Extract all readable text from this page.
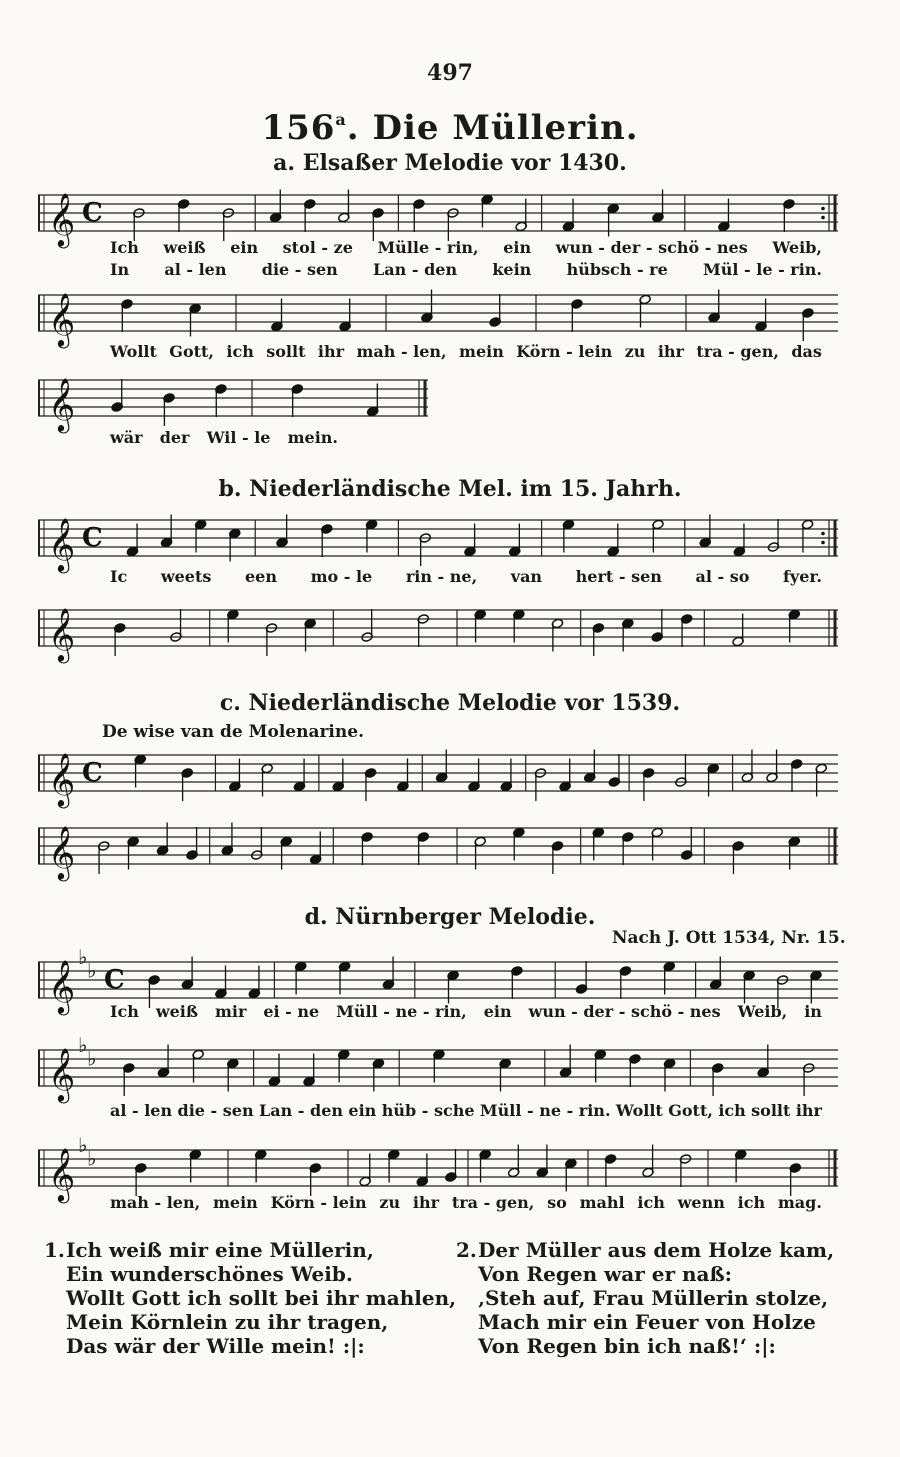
497
156$^a$. Die Müllerin.
a. Elsaßer Melodie vor 1430.
𝄞 C
Ich weiß ein stol - ze Mülle - rin, ein wun - der - schö - nes Weib,
In al - len die - sen Lan - den kein hübsch - re Mül - le - rin.
𝄞
Wollt Gott, ich sollt ihr mah - len, mein Körn - lein zu ihr tra - gen, das
𝄞
wär der Wil - le mein.
b. Niederländische Mel. im 15. Jahrh.
𝄞 C
Ic weets een mo - le rin - ne, van hert - sen al - so fyer.
𝄞
c. Niederländische Melodie vor 1539.
De wise van de Molenarine.
𝄞 C
𝄞
d. Nürnberger Melodie.
Nach J. Ott 1534, Nr. 15.
𝄞
♭
♭ C
Ich weiß mir ei - ne Müll - ne - rin, ein wun - der - schö - nes Weib, in
𝄞
♭
♭
al - len die - sen Lan - den ein hüb - sche Müll - ne - rin. Wollt Gott, ich sollt ihr
𝄞
♭
♭
mah - len, mein Körn - lein zu ihr tra - gen, so mahl ich wenn ich mag.
1.Ich weiß mir eine Müllerin,
Ein wunderschönes Weib.
Wollt Gott ich sollt bei ihr mahlen,
Mein Körnlein zu ihr tragen,
Das wär der Wille mein! :|:
2.Der Müller aus dem Holze kam,
Von Regen war er naß:
‚Steh auf, Frau Müllerin stolze,
Mach mir ein Feuer von Holze
Von Regen bin ich naß!‘ :|:
